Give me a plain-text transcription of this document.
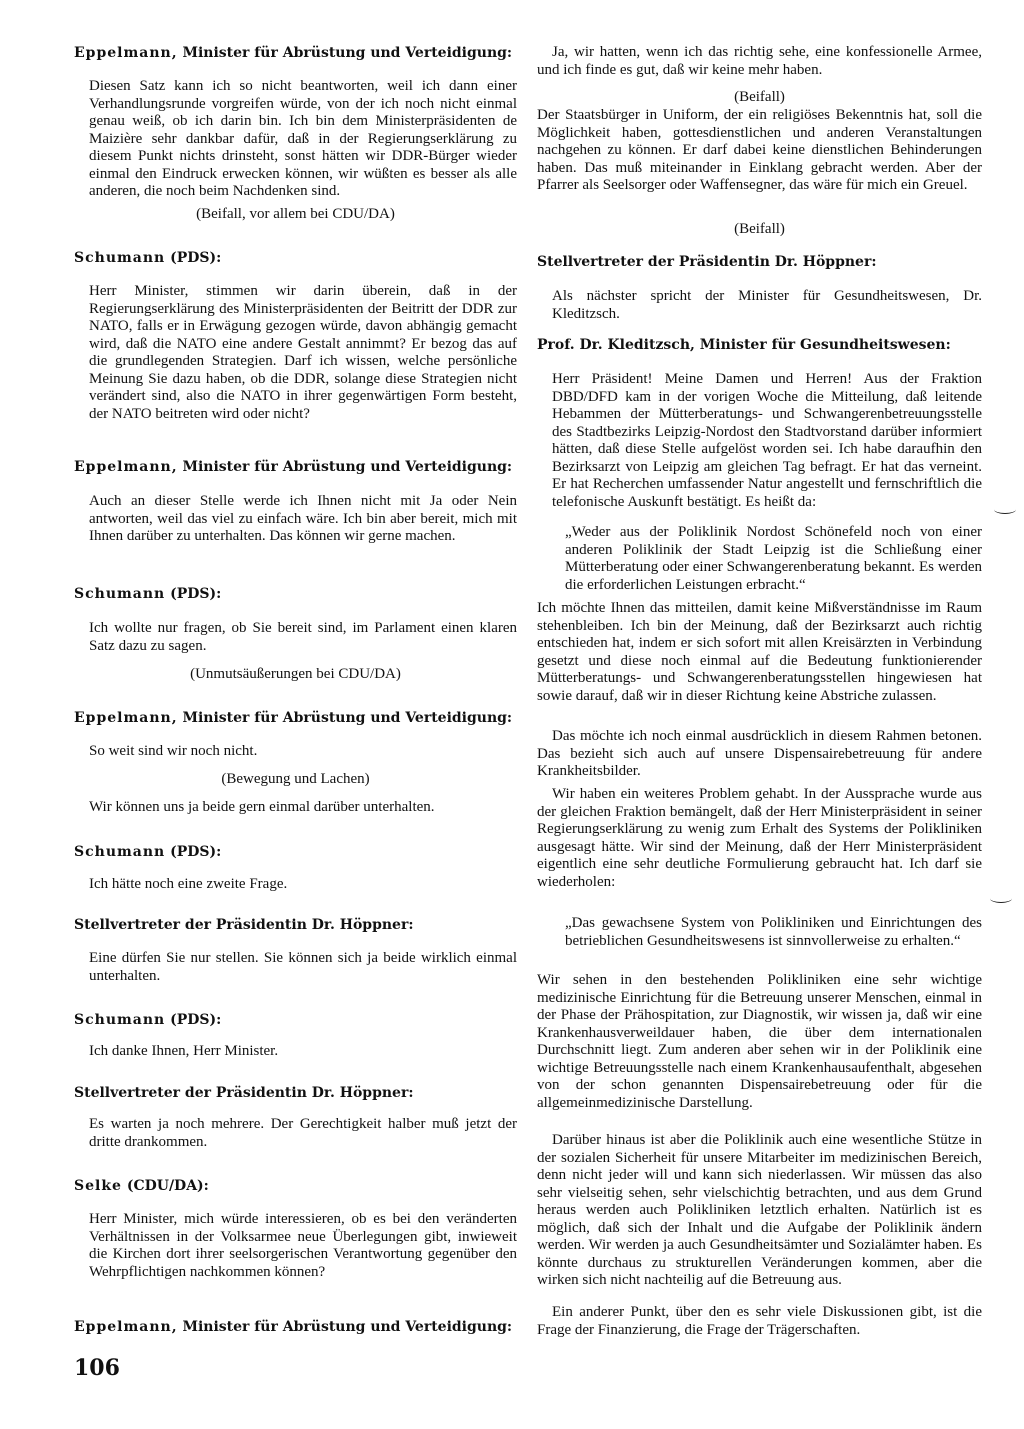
Eppelmann, Minister für Abrüstung und Verteidigung:
Diesen Satz kann ich so nicht beantworten, weil ich dann einer Verhandlungsrunde vorgreifen würde, von der ich noch nicht einmal genau weiß, ob ich darin bin. Ich bin dem Ministerpräsidenten de Maizière sehr dankbar dafür, daß in der Regierungserklärung zu diesem Punkt nichts drinsteht, sonst hätten wir DDR-Bürger wieder einmal den Eindruck erwecken können, wir wüßten es besser als alle anderen, die noch beim Nachdenken sind.
(Beifall, vor allem bei CDU/DA)
Schumann (PDS):
Herr Minister, stimmen wir darin überein, daß in der Regierungserklärung des Ministerpräsidenten der Beitritt der DDR zur NATO, falls er in Erwägung gezogen würde, davon abhängig gemacht wird, daß die NATO eine andere Gestalt annimmt? Er bezog das auf die grundlegenden Strategien. Darf ich wissen, welche persönliche Meinung Sie dazu haben, ob die DDR, solange diese Strategien nicht verändert sind, also die NATO in ihrer gegenwärtigen Form besteht, der NATO beitreten wird oder nicht?
Eppelmann, Minister für Abrüstung und Verteidigung:
Auch an dieser Stelle werde ich Ihnen nicht mit Ja oder Nein antworten, weil das viel zu einfach wäre. Ich bin aber bereit, mich mit Ihnen darüber zu unterhalten. Das können wir gerne machen.
Schumann (PDS):
Ich wollte nur fragen, ob Sie bereit sind, im Parlament einen klaren Satz dazu zu sagen.
(Unmutsäußerungen bei CDU/DA)
Eppelmann, Minister für Abrüstung und Verteidigung:
So weit sind wir noch nicht.
(Bewegung und Lachen)
Wir können uns ja beide gern einmal darüber unterhalten.
Schumann (PDS):
Ich hätte noch eine zweite Frage.
Stellvertreter der Präsidentin Dr. Höppner:
Eine dürfen Sie nur stellen. Sie können sich ja beide wirklich einmal unterhalten.
Schumann (PDS):
Ich danke Ihnen, Herr Minister.
Stellvertreter der Präsidentin Dr. Höppner:
Es warten ja noch mehrere. Der Gerechtigkeit halber muß jetzt der dritte drankommen.
Selke (CDU/DA):
Herr Minister, mich würde interessieren, ob es bei den veränderten Verhältnissen in der Volksarmee neue Überlegungen gibt, inwieweit die Kirchen dort ihrer seelsorgerischen Verantwortung gegenüber den Wehrpflichtigen nachkommen können?
Eppelmann, Minister für Abrüstung und Verteidigung:
Ja, wir hatten, wenn ich das richtig sehe, eine konfessionelle Armee, und ich finde es gut, daß wir keine mehr haben.
(Beifall)
Der Staatsbürger in Uniform, der ein religiöses Bekenntnis hat, soll die Möglichkeit haben, gottesdienstlichen und anderen Veranstaltungen nachgehen zu können. Er darf dabei keine dienstlichen Behinderungen haben. Das muß miteinander in Einklang gebracht werden. Aber der Pfarrer als Seelsorger oder Waffensegner, das wäre für mich ein Greuel.
(Beifall)
Stellvertreter der Präsidentin Dr. Höppner:
Als nächster spricht der Minister für Gesundheitswesen, Dr. Kleditzsch.
Prof. Dr. Kleditzsch, Minister für Gesundheitswesen:
Herr Präsident! Meine Damen und Herren! Aus der Fraktion DBD/DFD kam in der vorigen Woche die Mitteilung, daß leitende Hebammen der Mütterberatungs- und Schwangerenbetreuungsstelle des Stadtbezirks Leipzig-Nordost den Stadtvorstand darüber informiert hätten, daß diese Stelle aufgelöst worden sei. Ich habe daraufhin den Bezirksarzt von Leipzig am gleichen Tag befragt. Er hat das verneint. Er hat Recherchen umfassender Natur angestellt und fernschriftlich die telefonische Auskunft bestätigt. Es heißt da:
„Weder aus der Poliklinik Nordost Schönefeld noch von einer anderen Poliklinik der Stadt Leipzig ist die Schließung einer Mütterberatung oder einer Schwangerenberatung bekannt. Es werden die erforderlichen Leistungen erbracht.“
Ich möchte Ihnen das mitteilen, damit keine Mißverständnisse im Raum stehenbleiben. Ich bin der Meinung, daß der Bezirksarzt auch richtig entschieden hat, indem er sich sofort mit allen Kreisärzten in Verbindung gesetzt und diese noch einmal auf die Bedeutung funktionierender Mütterberatungs- und Schwangerenberatungsstellen hingewiesen hat sowie darauf, daß wir in dieser Richtung keine Abstriche zulassen.
Das möchte ich noch einmal ausdrücklich in diesem Rahmen betonen. Das bezieht sich auch auf unsere Dispensairebetreuung für andere Krankheitsbilder.
Wir haben ein weiteres Problem gehabt. In der Aussprache wurde aus der gleichen Fraktion bemängelt, daß der Herr Ministerpräsident in seiner Regierungserklärung zu wenig zum Erhalt des Systems der Polikliniken ausgesagt hätte. Wir sind der Meinung, daß der Herr Ministerpräsident eigentlich eine sehr deutliche Formulierung gebraucht hat. Ich darf sie wiederholen:
„Das gewachsene System von Polikliniken und Einrichtungen des betrieblichen Gesundheitswesens ist sinnvollerweise zu erhalten.“
Wir sehen in den bestehenden Polikliniken eine sehr wichtige medizinische Einrichtung für die Betreuung unserer Menschen, einmal in der Phase der Prähospitation, zur Diagnostik, wir wissen ja, daß wir eine Krankenhausverweildauer haben, die über dem internationalen Durchschnitt liegt. Zum anderen aber sehen wir in der Poliklinik eine wichtige Betreuungsstelle nach einem Krankenhausaufenthalt, abgesehen von der schon genannten Dispensairebetreuung oder für die allgemeinmedizinische Darstellung.
Darüber hinaus ist aber die Poliklinik auch eine wesentliche Stütze in der sozialen Sicherheit für unsere Mitarbeiter im medizinischen Bereich, denn nicht jeder will und kann sich niederlassen. Wir müssen das also sehr vielseitig sehen, sehr vielschichtig betrachten, und aus dem Grund heraus werden auch Polikliniken letztlich erhalten. Natürlich ist es möglich, daß sich der Inhalt und die Aufgabe der Poliklinik ändern werden. Wir werden ja auch Gesundheitsämter und Sozialämter haben. Es könnte durchaus zu strukturellen Veränderungen kommen, aber die wirken sich nicht nachteilig auf die Betreuung aus.
Ein anderer Punkt, über den es sehr viele Diskussionen gibt, ist die Frage der Finanzierung, die Frage der Trägerschaften.
106
